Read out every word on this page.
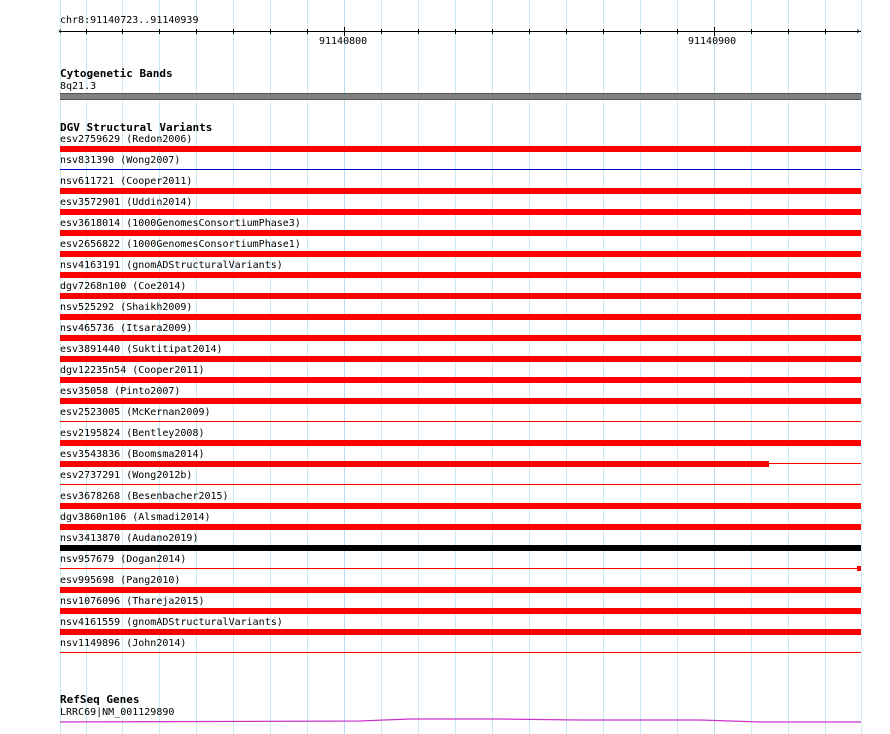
chr8:91140723..91140939
‹	›
91140800	91140900
Cytogenetic Bands
8q21.3
DGV Structural Variants
esv2759629 (Redon2006)
nsv831390 (Wong2007)
nsv611721 (Cooper2011)
esv3572901 (Uddin2014)
esv3618014 (1000GenomesConsortiumPhase3)
esv2656822 (1000GenomesConsortiumPhase1)
nsv4163191 (gnomADStructuralVariants)
dgv7268n100 (Coe2014)
nsv525292 (Shaikh2009)
nsv465736 (Itsara2009)
esv3891440 (Suktitipat2014)
dgv12235n54 (Cooper2011)
esv35058 (Pinto2007)
esv2523005 (McKernan2009)
esv2195824 (Bentley2008)
esv3543836 (Boomsma2014)
esv2737291 (Wong2012b)
esv3678268 (Besenbacher2015)
dgv3860n106 (Alsmadi2014)
nsv3413870 (Audano2019)
nsv957679 (Dogan2014)
esv995698 (Pang2010)
nsv1076096 (Thareja2015)
nsv4161559 (gnomADStructuralVariants)
nsv1149896 (John2014)
RefSeq Genes
LRRC69|NM_001129890
